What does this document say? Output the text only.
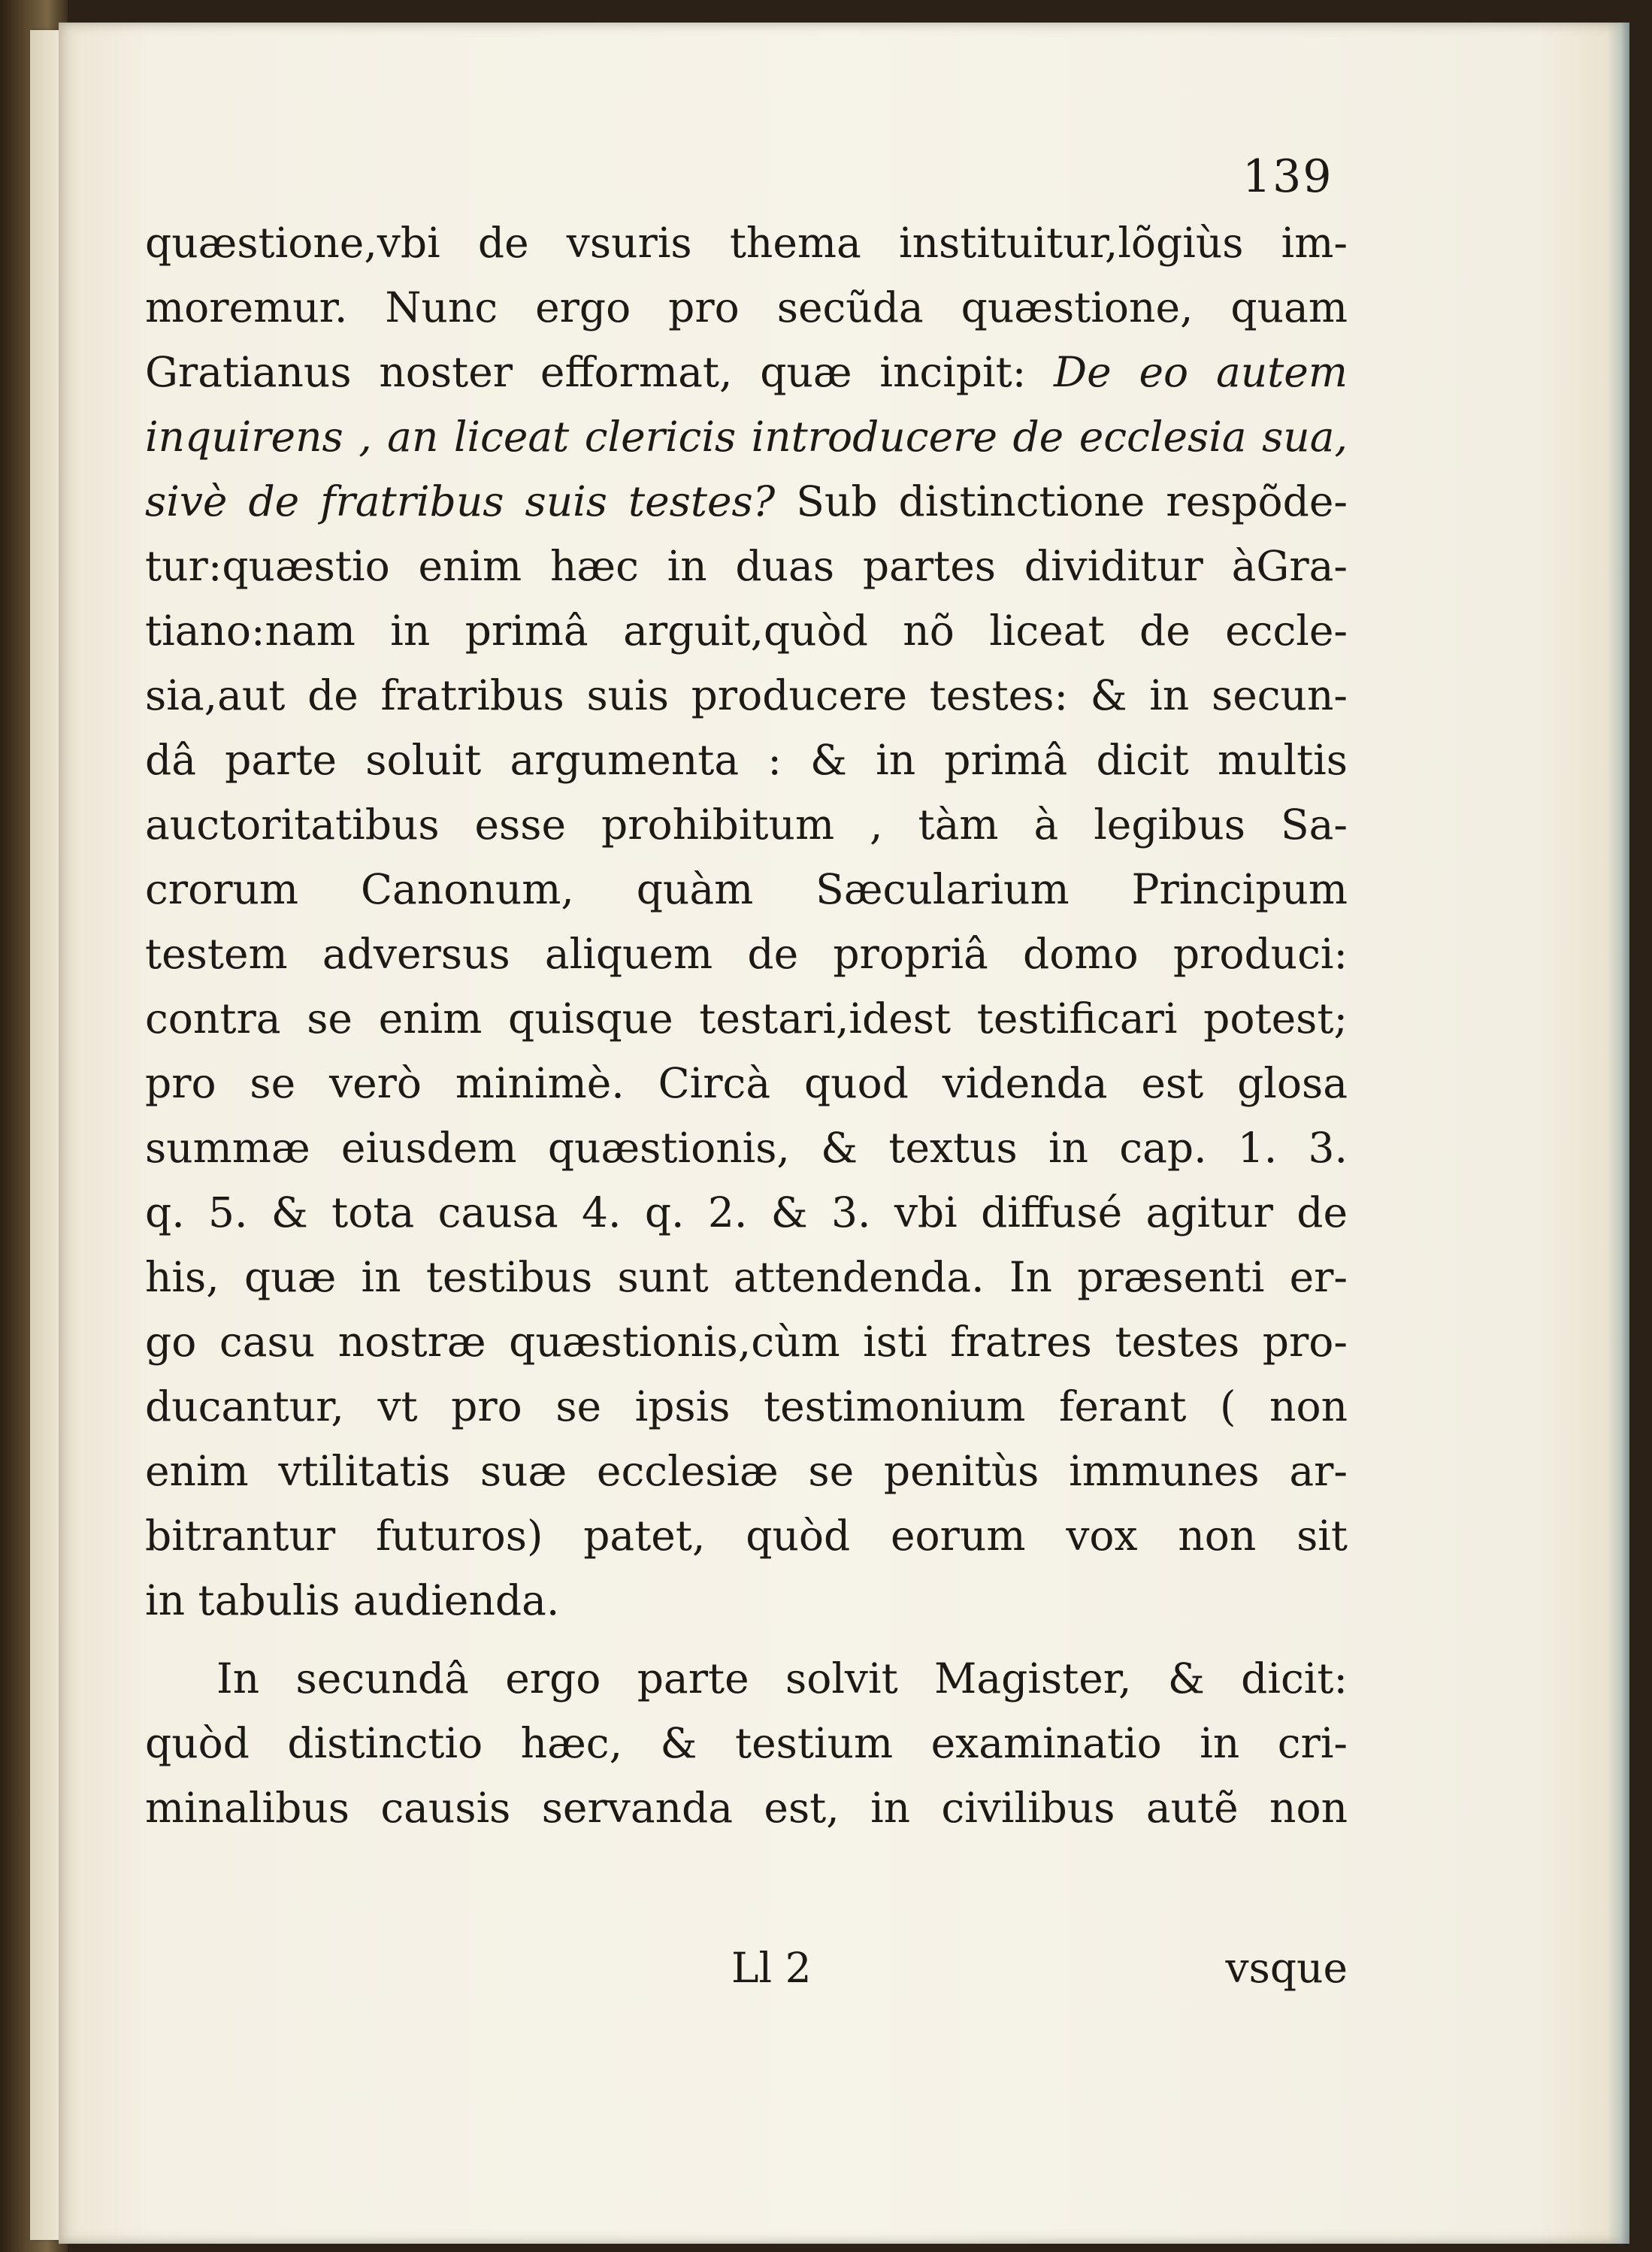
139
quæstione,vbi de vsuris thema instituitur,lõgiùs im-
moremur. Nunc ergo pro secũda quæstione, quam
Gratianus noster efformat, quæ incipit: De eo autem
inquirens , an liceat clericis introducere de ecclesia sua,
sivè de fratribus suis testes? Sub distinctione respõde-
tur:quæstio enim hæc in duas partes dividitur àGra-
tiano:nam in primâ arguit,quòd nõ liceat de eccle-
sia,aut de fratribus suis producere testes: & in secun-
dâ parte soluit argumenta : & in primâ dicit multis
auctoritatibus esse prohibitum , tàm à legibus Sa-
crorum Canonum, quàm Sæcularium Principum
testem adversus aliquem de propriâ domo produci:
contra se enim quisque testari,idest testificari potest;
pro se verò minimè. Circà quod videnda est glosa
summæ eiusdem quæstionis, & textus in cap. 1. 3.
q. 5. & tota causa 4. q. 2. & 3. vbi diffusé agitur de
his, quæ in testibus sunt attendenda. In præsenti er-
go casu nostræ quæstionis,cùm isti fratres testes pro-
ducantur, vt pro se ipsis testimonium ferant ( non
enim vtilitatis suæ ecclesiæ se penitùs immunes ar-
bitrantur futuros) patet, quòd eorum vox non sit
in tabulis audienda.
In secundâ ergo parte solvit Magister, & dicit:
quòd distinctio hæc, & testium examinatio in cri-
minalibus causis servanda est, in civilibus autẽ non
Ll 2	vsque
